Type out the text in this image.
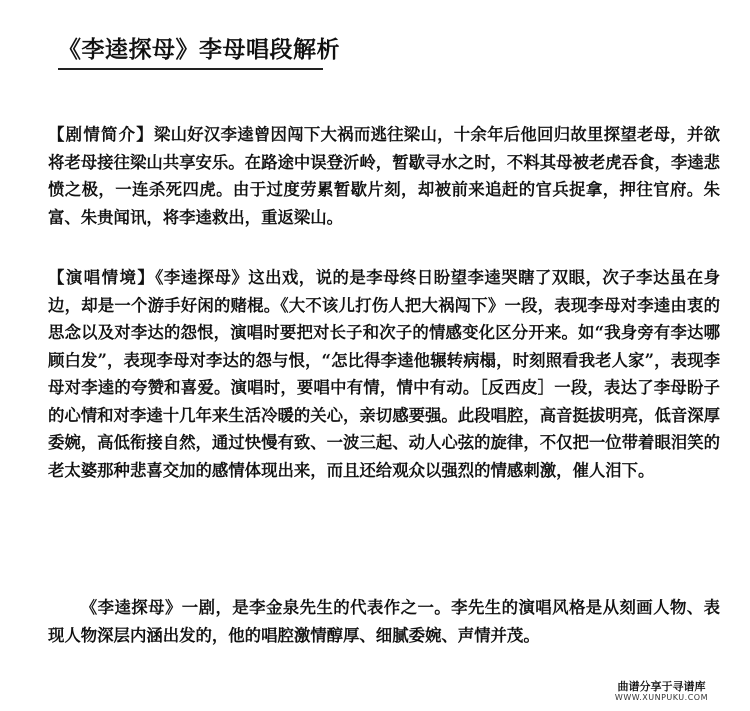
《李逵探母》李母唱段解析
【剧情简介】梁山好汉李逵曾因闯下大祸而逃往梁山，十余年后他回归故里探望老母，并欲将老母接往梁山共享安乐。在路途中误登沂岭，暂歇寻水之时，不料其母被老虎吞食，李逵悲愤之极，一连杀死四虎。由于过度劳累暂歇片刻，却被前来追赶的官兵捉拿，押往官府。朱富、朱贵闻讯，将李逵救出，重返梁山。
【演唱情境】《李逵探母》这出戏，说的是李母终日盼望李逵哭瞎了双眼，次子李达虽在身边，却是一个游手好闲的赌棍。《大不该儿打伤人把大祸闯下》一段，表现李母对李逵由衷的思念以及对李达的怨恨，演唱时要把对长子和次子的情感变化区分开来。如“我身旁有李达哪顾白发”，表现李母对李达的怨与恨，“怎比得李逵他辗转病榻，时刻照看我老人家”，表现李母对李逵的夸赞和喜爱。演唱时，要唱中有情，情中有动。［反西皮］一段，表达了李母盼子的心情和对李逵十几年来生活冷暖的关心，亲切感要强。此段唱腔，高音挺拔明亮，低音深厚委婉，高低衔接自然，通过快慢有致、一波三起、动人心弦的旋律，不仅把一位带着眼泪笑的老太婆那种悲喜交加的感情体现出来，而且还给观众以强烈的情感刺激，催人泪下。
《李逵探母》一剧，是李金泉先生的代表作之一。李先生的演唱风格是从刻画人物、表现人物深层内涵出发的，他的唱腔激情醇厚、细腻委婉、声情并茂。
曲谱分享于寻谱库
WWW.XUNPUKU.COM
